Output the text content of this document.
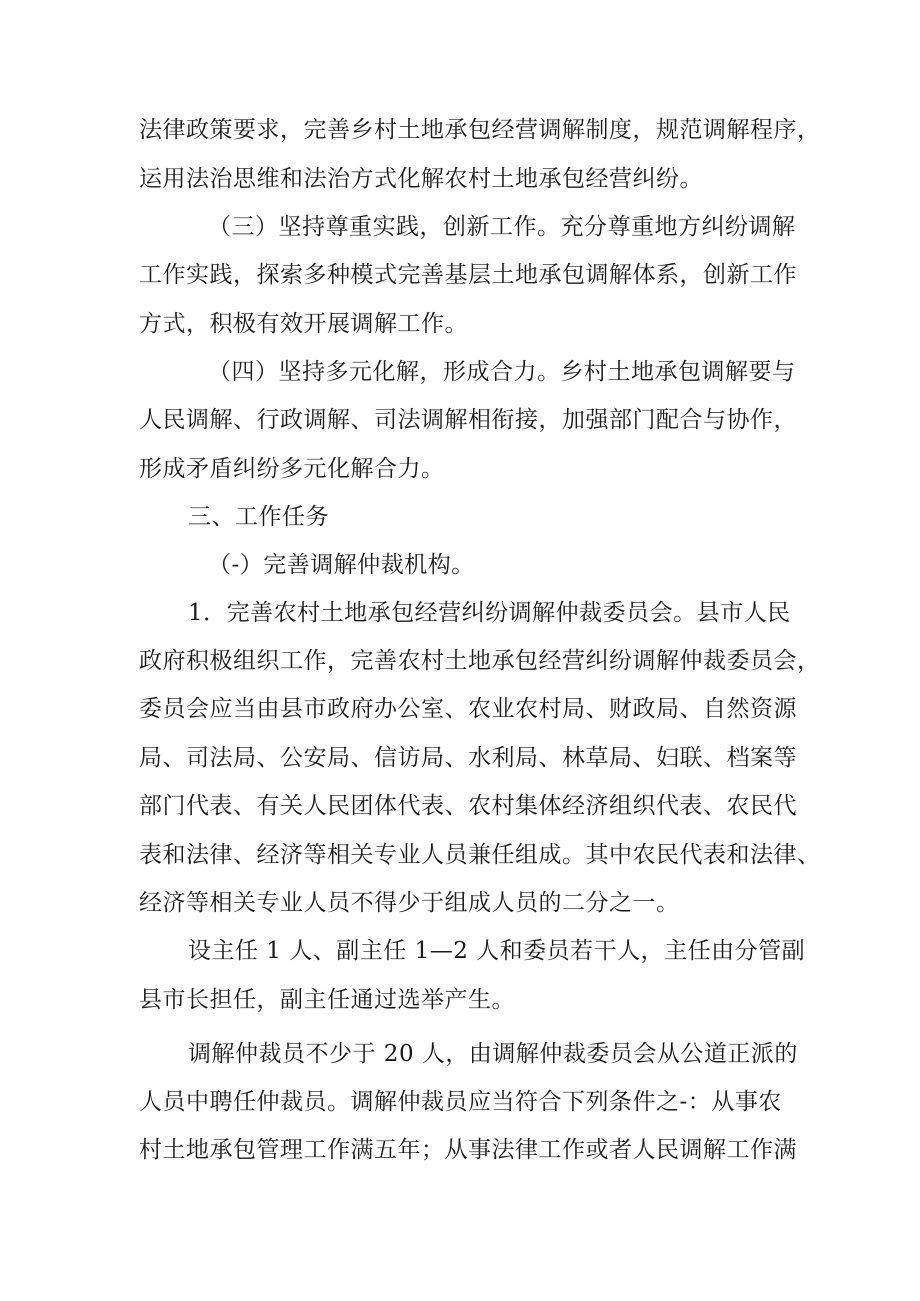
法律政策要求，完善乡村土地承包经营调解制度，规范调解程序，
运用法治思维和法治方式化解农村土地承包经营纠纷。
（三）坚持尊重实践，创新工作。充分尊重地方纠纷调解
工作实践，探索多种模式完善基层土地承包调解体系，创新工作
方式，积极有效开展调解工作。
（四）坚持多元化解，形成合力。乡村土地承包调解要与
人民调解、行政调解、司法调解相衔接，加强部门配合与协作，
形成矛盾纠纷多元化解合力。
三、工作任务
（-）完善调解仲裁机构。
1．完善农村土地承包经营纠纷调解仲裁委员会。县市人民
政府积极组织工作，完善农村土地承包经营纠纷调解仲裁委员会，
委员会应当由县市政府办公室、农业农村局、财政局、自然资源
局、司法局、公安局、信访局、水利局、林草局、妇联、档案等
部门代表、有关人民团体代表、农村集体经济组织代表、农民代
表和法律、经济等相关专业人员兼任组成。其中农民代表和法律、
经济等相关专业人员不得少于组成人员的二分之一。
设主任 1 人、副主任 1—2 人和委员若干人，主任由分管副
县市长担任，副主任通过选举产生。
调解仲裁员不少于 20 人，由调解仲裁委员会从公道正派的
人员中聘任仲裁员。调解仲裁员应当符合下列条件之-：从事农
村土地承包管理工作满五年；从事法律工作或者人民调解工作满
